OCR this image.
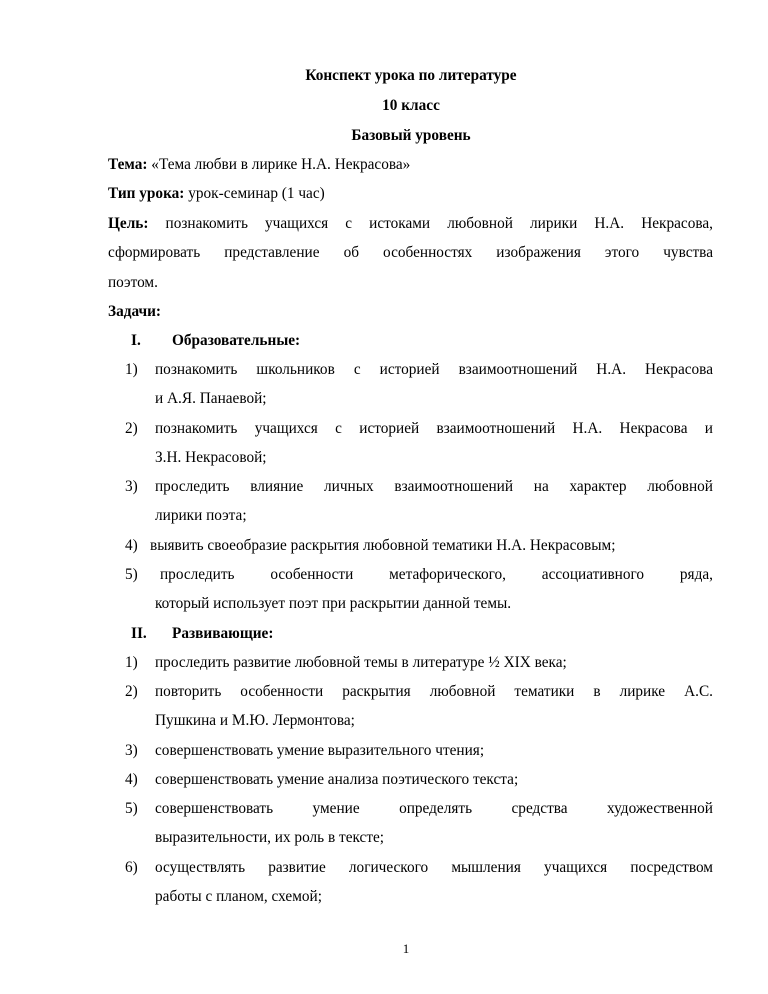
Конспект урока по литературе
10 класс
Базовый уровень
Тема: «Тема любви в лирике Н.А. Некрасова»
Тип урока: урок-семинар (1 час)
Цель: познакомить учащихся с истоками любовной лирики Н.А. Некрасова,
сформировать представление об особенностях изображения этого чувства
поэтом.
Задачи:
I. Образовательные:
1) познакомить школьников с историей взаимоотношений Н.А. Некрасова
и А.Я. Панаевой;
2) познакомить учащихся с историей взаимоотношений Н.А. Некрасова и
З.Н. Некрасовой;
3) проследить влияние личных взаимоотношений на характер любовной
лирики поэта;
4) выявить своеобразие раскрытия любовной тематики Н.А. Некрасовым;
5) проследить особенности метафорического, ассоциативного ряда,
который использует поэт при раскрытии данной темы.
II. Развивающие:
1) проследить развитие любовной темы в литературе ½ XIX века;
2) повторить особенности раскрытия любовной тематики в лирике А.С.
Пушкина и М.Ю. Лермонтова;
3) совершенствовать умение выразительного чтения;
4) совершенствовать умение анализа поэтического текста;
5) совершенствовать умение определять средства художественной
выразительности, их роль в тексте;
6) осуществлять развитие логического мышления учащихся посредством
работы с планом, схемой;
1
